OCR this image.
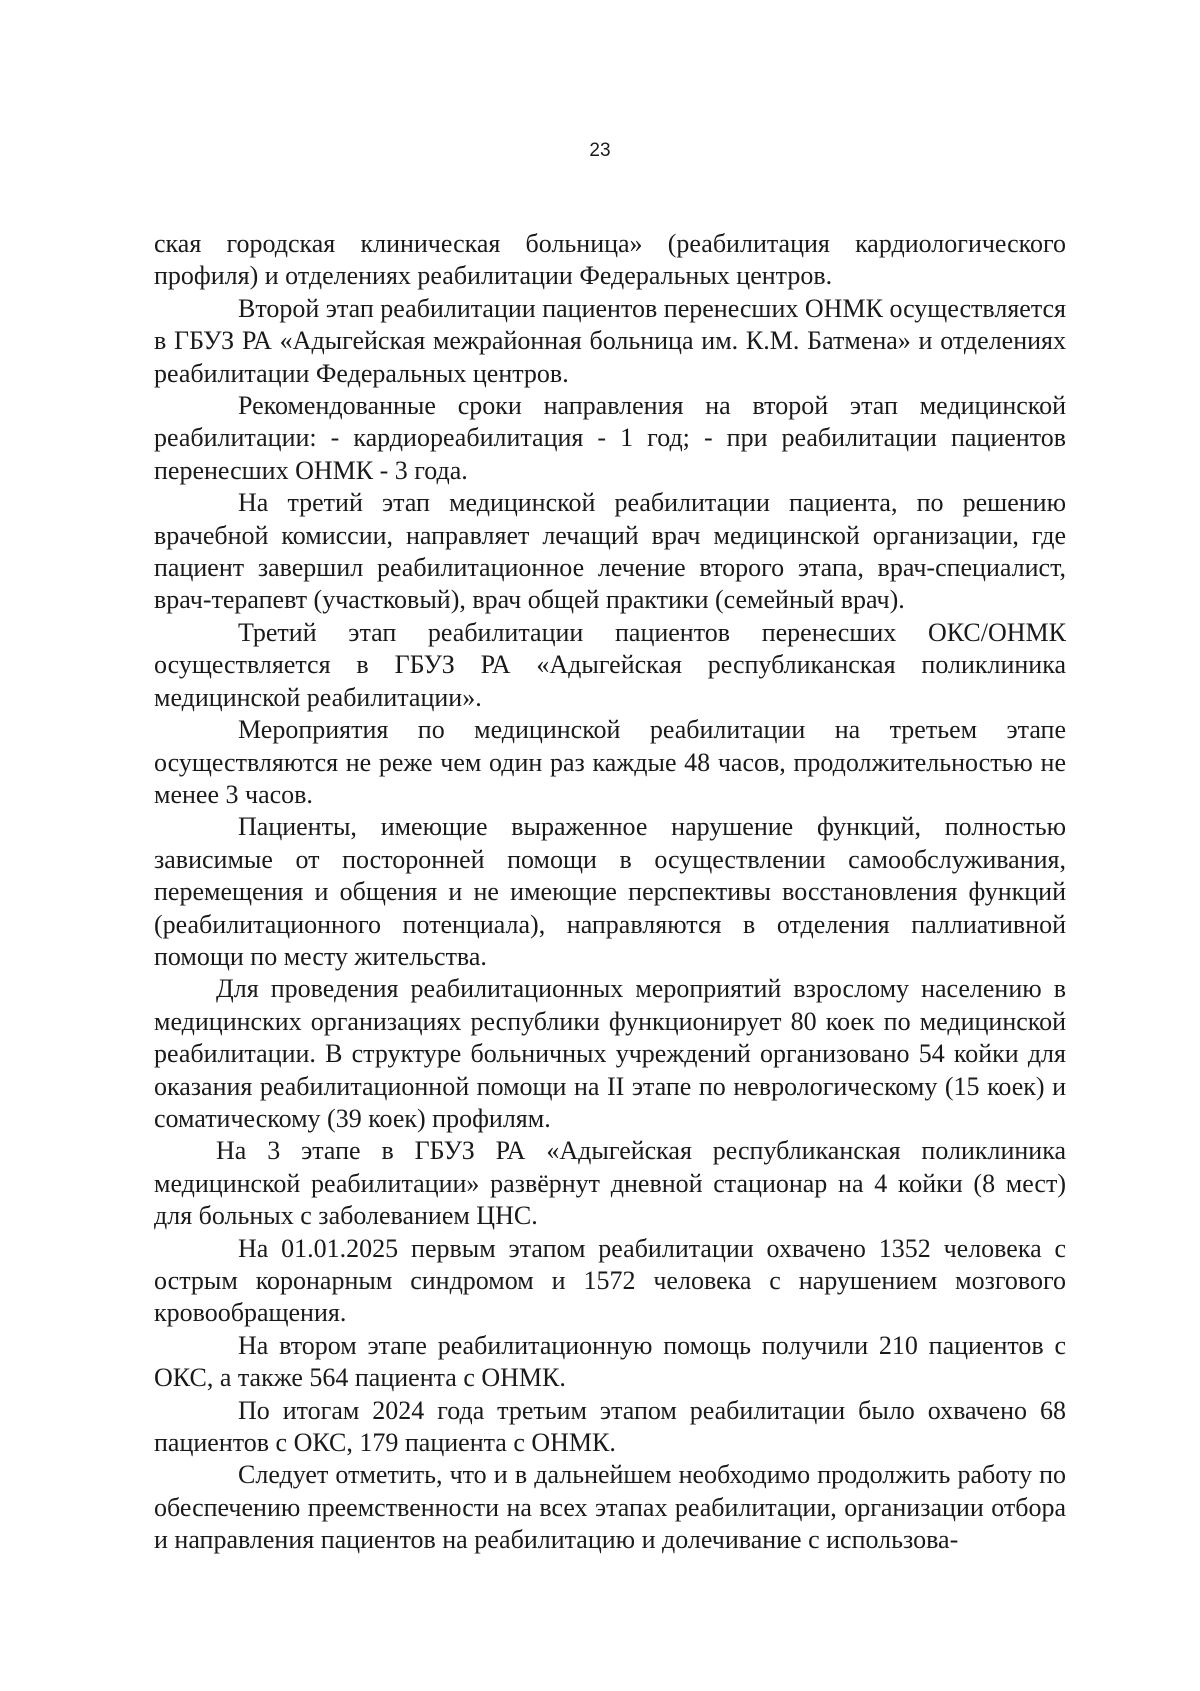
23

ская городская клиническая больница» (реабилитация кардиологического профиля) и отделениях реабилитации Федеральных центров.

Второй этап реабилитации пациентов перенесших ОНМК осуществляется в ГБУЗ РА «Адыгейская межрайонная больница им. К.М. Батмена» и отделениях реабилитации Федеральных центров.

Рекомендованные сроки направления на второй этап медицинской реабилитации: - кардиореабилитация - 1 год; - при реабилитации пациентов перенесших ОНМК - 3 года.

На третий этап медицинской реабилитации пациента, по решению врачебной комиссии, направляет лечащий врач медицинской организации, где пациент завершил реабилитационное лечение второго этапа, врач-специалист, врач-терапевт (участковый), врач общей практики (семейный врач).

Третий этап реабилитации пациентов перенесших ОКС/ОНМК осуществляется в ГБУЗ РА «Адыгейская республиканская поликлиника медицинской реабилитации».

Мероприятия по медицинской реабилитации на третьем этапе осуществляются не реже чем один раз каждые 48 часов, продолжительностью не менее 3 часов.

Пациенты, имеющие выраженное нарушение функций, полностью зависимые от посторонней помощи в осуществлении самообслуживания, перемещения и общения и не имеющие перспективы восстановления функций (реабилитационного потенциала), направляются в отделения паллиативной помощи по месту жительства.

Для проведения реабилитационных мероприятий взрослому населению в медицинских организациях республики функционирует 80 коек по медицинской реабилитации. В структуре больничных учреждений организовано 54 койки для оказания реабилитационной помощи на II этапе по неврологическому (15 коек) и соматическому (39 коек) профилям.

На 3 этапе в ГБУЗ РА «Адыгейская республиканская поликлиника медицинской реабилитации» развёрнут дневной стационар на 4 койки (8 мест) для больных с заболеванием ЦНС.

На 01.01.2025 первым этапом реабилитации охвачено 1352 человека с острым коронарным синдромом и 1572 человека с нарушением мозгового кровообращения.

На втором этапе реабилитационную помощь получили 210 пациентов с ОКС, а также 564 пациента с ОНМК.

По итогам 2024 года третьим этапом реабилитации было охвачено 68 пациентов с ОКС, 179 пациента с ОНМК.

Следует отметить, что и в дальнейшем необходимо продолжить работу по обеспечению преемственности на всех этапах реабилитации, организации отбора и направления пациентов на реабилитацию и долечивание с использова-
